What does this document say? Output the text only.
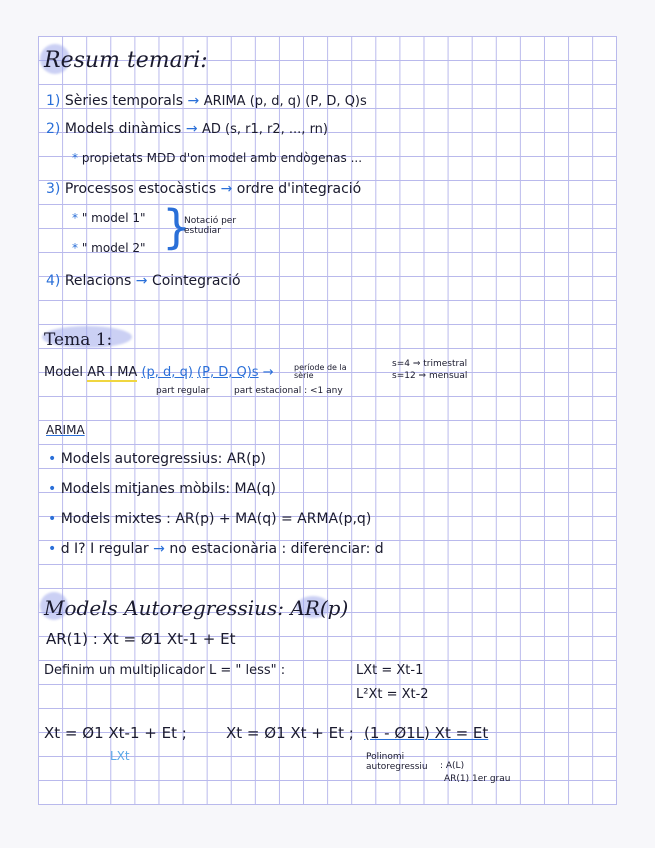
Resum temari:
1) Sèries temporals → ARIMA (p, d, q) (P, D, Q)s
2) Models dinàmics → AD (s, r1, r2, ..., rn)
* propietats MDD d'on model amb endògenas ...
3) Processos estocàstics → ordre d'integració
* " model 1"
* " model 2" }
Notació per estudiar
4) Relacions → Cointegració
Tema 1:
Model AR I MA (p, d, q) (P, D, Q)s →	període de la sèrie
s=4 ⇒ trimestral
s=12 ⇒ mensual
part regular	part estacional : <1 any
ARIMA
• Models autoregressius: AR(p)
• Models mitjanes mòbils: MA(q)
• Models mixtes : AR(p) + MA(q) = ARMA(p,q)
• d I? I regular → no estacionària : diferenciar: d
Models Autoregressius: AR(p)
AR(1) : Xt = Ø1 Xt-1 + Et
Definim un multiplicador L = " less" :	LXt = Xt-1
L²Xt = Xt-2
Xt = Ø1 Xt-1 + Et ;	Xt = Ø1 Xt + Et ; (1 - Ø1L) Xt = Et
LXt	Polinomi autoregressiu	: A(L)
AR(1) 1er grau
